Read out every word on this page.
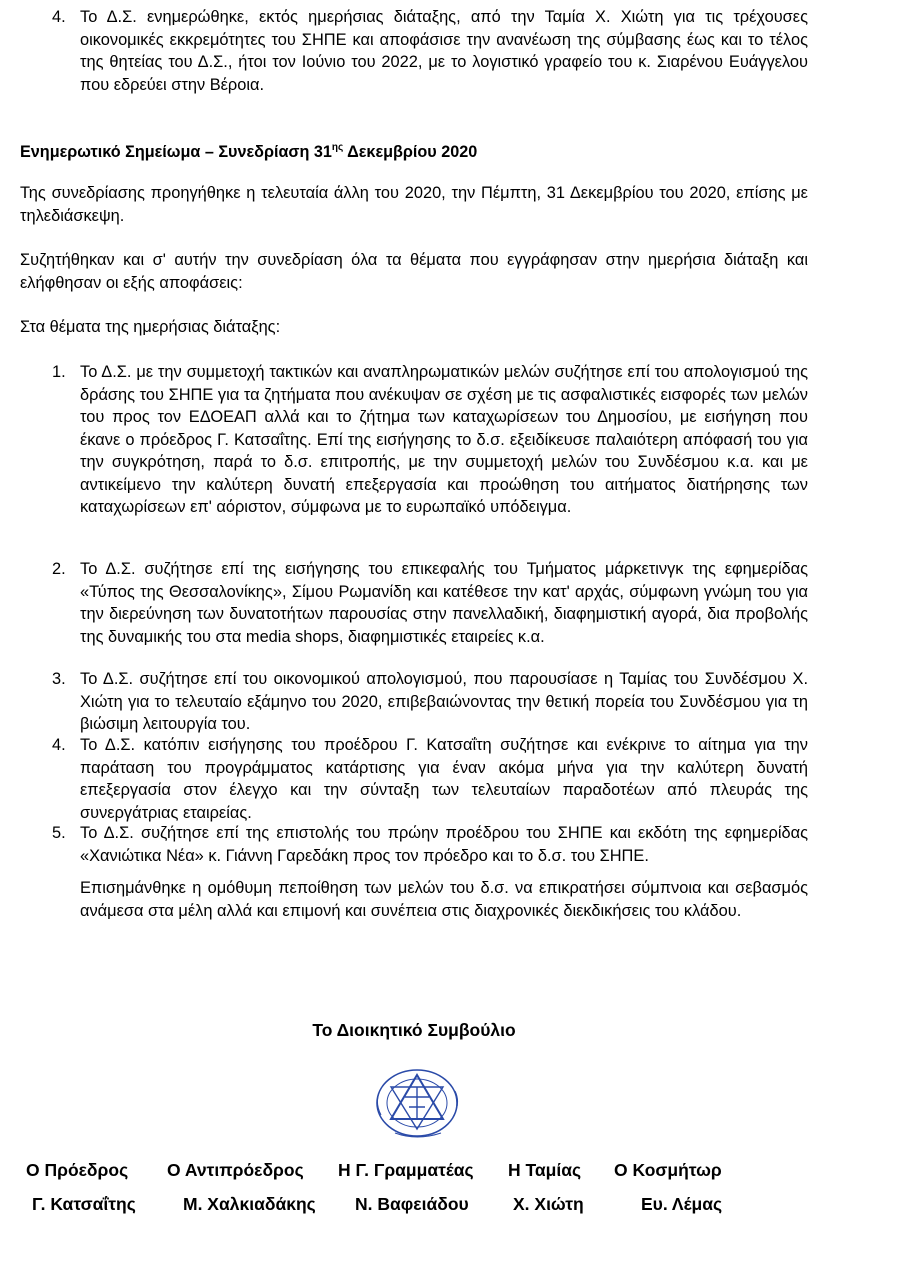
4. Το Δ.Σ. ενημερώθηκε, εκτός ημερήσιας διάταξης, από την Ταμία Χ. Χιώτη για τις τρέχουσες οικονομικές εκκρεμότητες του ΣΗΠΕ και αποφάσισε την ανανέωση της σύμβασης έως και το τέλος της θητείας του Δ.Σ., ήτοι τον Ιούνιο του 2022, με το λογιστικό γραφείο του κ. Σιαρένου Ευάγγελου που εδρεύει στην Βέροια.

Ενημερωτικό Σημείωμα – Συνεδρίαση $31^{\eta\varsigma}$ Δεκεμβρίου 2020

Της συνεδρίασης προηγήθηκε η τελευταία άλλη του 2020, την Πέμπτη, 31 Δεκεμβρίου του 2020, επίσης με τηλεδιάσκεψη.

Συζητήθηκαν και σ' αυτήν την συνεδρίαση όλα τα θέματα που εγγράφησαν στην ημερήσια διάταξη και ελήφθησαν οι εξής αποφάσεις:

Στα θέματα της ημερήσιας διάταξης:

1. Το Δ.Σ. με την συμμετοχή τακτικών και αναπληρωματικών μελών συζήτησε επί του απολογισμού της δράσης του ΣΗΠΕ για τα ζητήματα που ανέκυψαν σε σχέση με τις ασφαλιστικές εισφορές των μελών του προς τον ΕΔΟΕΑΠ αλλά και το ζήτημα των καταχωρίσεων του Δημοσίου, με εισήγηση που έκανε ο πρόεδρος Γ. Κατσαΐτης. Επί της εισήγησης το δ.σ. εξειδίκευσε παλαιότερη απόφασή του για την συγκρότηση, παρά το δ.σ. επιτροπής, με την συμμετοχή μελών του Συνδέσμου κ.α. και με αντικείμενο την καλύτερη δυνατή επεξεργασία και προώθηση του αιτήματος διατήρησης των καταχωρίσεων επ' αόριστον, σύμφωνα με το ευρωπαϊκό υπόδειγμα.

2. Το Δ.Σ. συζήτησε επί της εισήγησης του επικεφαλής του Τμήματος μάρκετινγκ της εφημερίδας «Τύπος της Θεσσαλονίκης», Σίμου Ρωμανίδη και κατέθεσε την κατ' αρχάς, σύμφωνη γνώμη του για την διερεύνηση των δυνατοτήτων παρουσίας στην πανελλαδική, διαφημιστική αγορά, δια προβολής της δυναμικής του στα media shops, διαφημιστικές εταιρείες κ.α.

3. Το Δ.Σ. συζήτησε επί του οικονομικού απολογισμού, που παρουσίασε η Ταμίας του Συνδέσμου Χ. Χιώτη για το τελευταίο εξάμηνο του 2020, επιβεβαιώνοντας την θετική πορεία του Συνδέσμου για τη βιώσιμη λειτουργία του.

4. Το Δ.Σ. κατόπιν εισήγησης του προέδρου Γ. Κατσαΐτη συζήτησε και ενέκρινε το αίτημα για την παράταση του προγράμματος κατάρτισης για έναν ακόμα μήνα για την καλύτερη δυνατή επεξεργασία στον έλεγχο και την σύνταξη των τελευταίων παραδοτέων από πλευράς της συνεργάτριας εταιρείας.

5. Το Δ.Σ. συζήτησε επί της επιστολής του πρώην προέδρου του ΣΗΠΕ και εκδότη της εφημερίδας «Χανιώτικα Νέα» κ. Γιάννη Γαρεδάκη προς τον πρόεδρο και το δ.σ. του ΣΗΠΕ.

Επισημάνθηκε η ομόθυμη πεποίθηση των μελών του δ.σ. να επικρατήσει σύμπνοια και σεβασμός ανάμεσα στα μέλη αλλά και επιμονή και συνέπεια στις διαχρονικές διεκδικήσεις του κλάδου.

Το Διοικητικό Συμβούλιο

Ο Πρόεδρος Ο Αντιπρόεδρος Η Γ. Γραμματέας Η Ταμίας Ο Κοσμήτωρ
Γ. Κατσαΐτης	Μ. Χαλκιαδάκης Ν. Βαφειάδου	Χ. Χιώτη	Ευ. Λέμας
